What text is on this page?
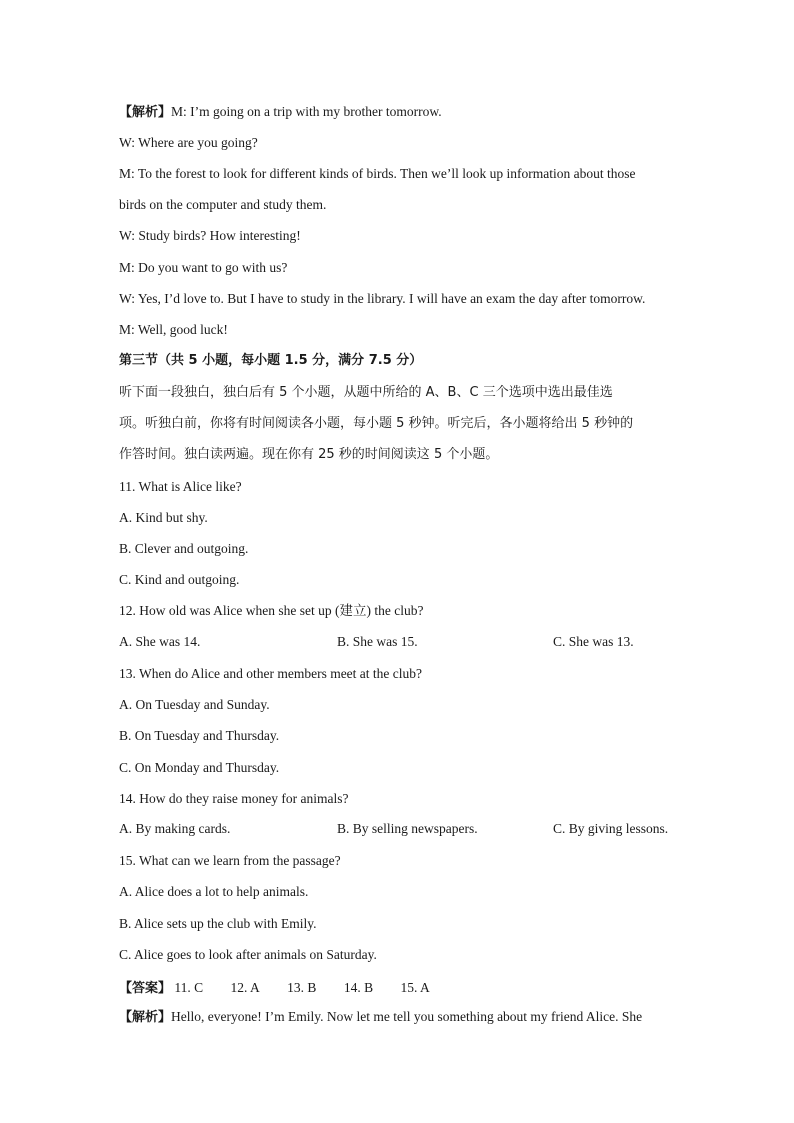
【解析】M: I’m going on a trip with my brother tomorrow.
W: Where are you going?
M: To the forest to look for different kinds of birds. Then we’ll look up information about those
birds on the computer and study them.
W: Study birds? How interesting!
M: Do you want to go with us?
W: Yes, I’d love to. But I have to study in the library. I will have an exam the day after tomorrow.
M: Well, good luck!
第三节（共 5 小题，每小题 1.5 分，满分 7.5 分）
听下面一段独白，独白后有 5 个小题，从题中所给的 A、B、C 三个选项中选出最佳选
项。听独白前，你将有时间阅读各小题，每小题 5 秒钟。听完后，各小题将给出 5 秒钟的
作答时间。独白读两遍。现在你有 25 秒的时间阅读这 5 个小题。
11. What is Alice like?
A. Kind but shy.
B. Clever and outgoing.
C. Kind and outgoing.
12. How old was Alice when she set up (建立) the club?
A. She was 14.	B. She was 15.	C. She was 13.
13. When do Alice and other members meet at the club?
A. On Tuesday and Sunday.
B. On Tuesday and Thursday.
C. On Monday and Thursday.
14. How do they raise money for animals?
A. By making cards.	B. By selling newspapers.	C. By giving lessons.
15. What can we learn from the passage?
A. Alice does a lot to help animals.
B. Alice sets up the club with Emily.
C. Alice goes to look after animals on Saturday.
【答案】 11. C 12. A 13. B 14. B 15. A
【解析】Hello, everyone! I’m Emily. Now let me tell you something about my friend Alice. She
